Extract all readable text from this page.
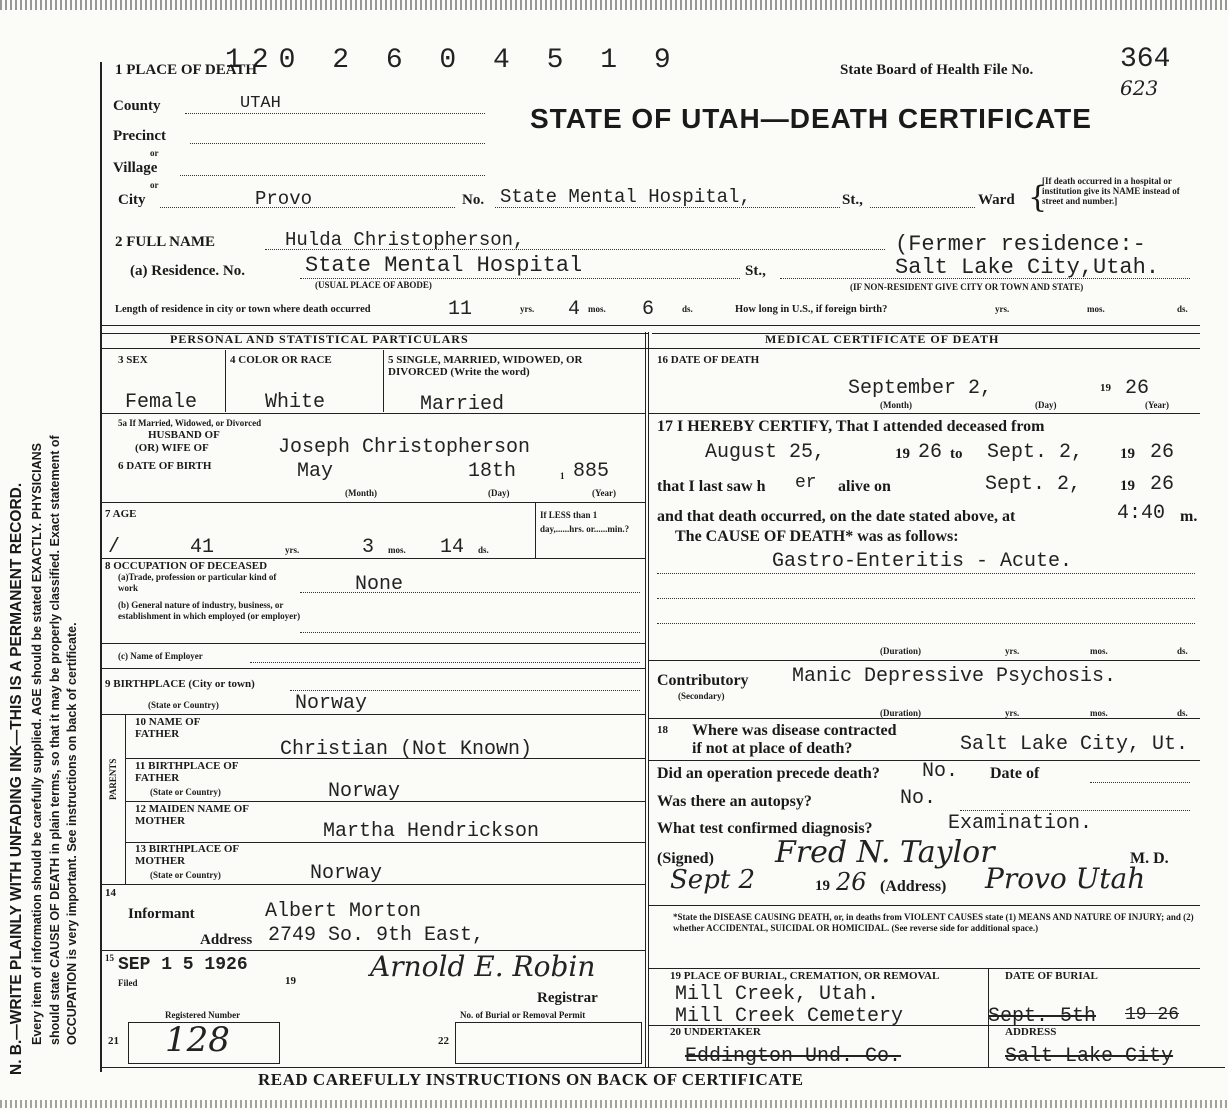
N. B.—WRITE PLAINLY WITH UNFADING INK—THIS IS A PERMANENT RECORD. Every item of information should be carefully supplied. AGE should be stated EXACTLY. PHYSICIANS should state CAUSE OF DEATH in plain terms, so that it may be properly classified. Exact statement of OCCUPATION is very important. See instructions on back of certificate.
120 2 6 0 4 5 1 9
1 PLACE OF DEATH	State Board of Health File No.	364
623
STATE OF UTAH—DEATH CERTIFICATE
County	UTAH
Precinct
or
Village
or
City	Provo	No. State Mental Hospital,	St.,	Ward {
[If death occurred in a hospital or institution give its NAME instead of street and number.]
2 FULL NAME	Hulda Christopherson,	(Fermer residence:-
(a) Residence. No.	State Mental Hospital
(USUAL PLACE OF ABODE)
St.,	Salt Lake City,Utah.
(IF NON-RESIDENT GIVE CITY OR TOWN AND STATE)
Length of residence in city or town where death occurred	11	yrs. 4 mos. 6	ds.	How long in U.S., if foreign birth?	yrs.	mos.	ds.
PERSONAL AND STATISTICAL PARTICULARS	MEDICAL CERTIFICATE OF DEATH
3 SEX
Female
4 COLOR OR RACE
White
5 SINGLE, MARRIED, WIDOWED, OR DIVORCED (Write the word)
Married
5a If Married, Widowed, or Divorced
HUSBAND OF
(OR) WIFE OF	Joseph Christopherson
6 DATE OF BIRTH	May	18th	885
1
(Month)	(Day)	(Year)
7 AGE
/	41	yrs.	3 mos. 14 ds.
If LESS than 1 day,......hrs. or......min.?
8 OCCUPATION OF DECEASED
(a)Trade, profession or particular kind of work
(b) General nature of industry, business, or establishment in which employed (or employer)
None
(c) Name of Employer
9 BIRTHPLACE (City or town)
(State or Country)	Norway
PARENTS
10 NAME OF FATHER
Christian (Not Known)
11 BIRTHPLACE OF FATHER
(State or Country)	Norway
12 MAIDEN NAME OF MOTHER	Martha Hendrickson
13 BIRTHPLACE OF MOTHER
(State or Country)	Norway
14
Informant	Albert Morton
Address 2749 So. 9th East,
15 SEP 1 5 1926
Filed	19	Arnold E. Robin
Registrar
21
Registered Number
128	22
No. of Burial or Removal Permit
16 DATE OF DEATH
September 2,	19 26
(Month)	(Day)	(Year)
17 I HEREBY CERTIFY, That I attended deceased from
August 25,	19 26 to Sept. 2, 19 26
that I last saw h er alive on	Sept. 2,	19 26
and that death occurred, on the date stated above, at	4:40 m.
The CAUSE OF DEATH* was as follows:
Gastro-Enteritis - Acute.
(Duration)	yrs.	mos.	ds.
Contributory
(Secondary)
Manic Depressive Psychosis.
(Duration)	yrs.	mos.	ds.
18 Where was disease contracted
if not at place of death?	Salt Lake City, Ut.
Did an operation precede death? No. Date of
Was there an autopsy?	No.
What test confirmed diagnosis?	Examination.
(Signed) Fred N. Taylor	M. D.
Sept 2	19 26 (Address) Provo Utah
*State the DISEASE CAUSING DEATH, or, in deaths from VIOLENT CAUSES state (1) MEANS AND NATURE OF INJURY; and (2) whether ACCIDENTAL, SUICIDAL OR HOMICIDAL. (See reverse side for additional space.)
19 PLACE OF BURIAL, CREMATION, OR REMOVAL
Mill Creek, Utah.
Mill Creek Cemetery
DATE OF BURIAL
Sept. 5th 19 26
20 UNDERTAKER	ADDRESS
Eddington Und. Co.	Salt Lake City
READ CAREFULLY INSTRUCTIONS ON BACK OF CERTIFICATE
